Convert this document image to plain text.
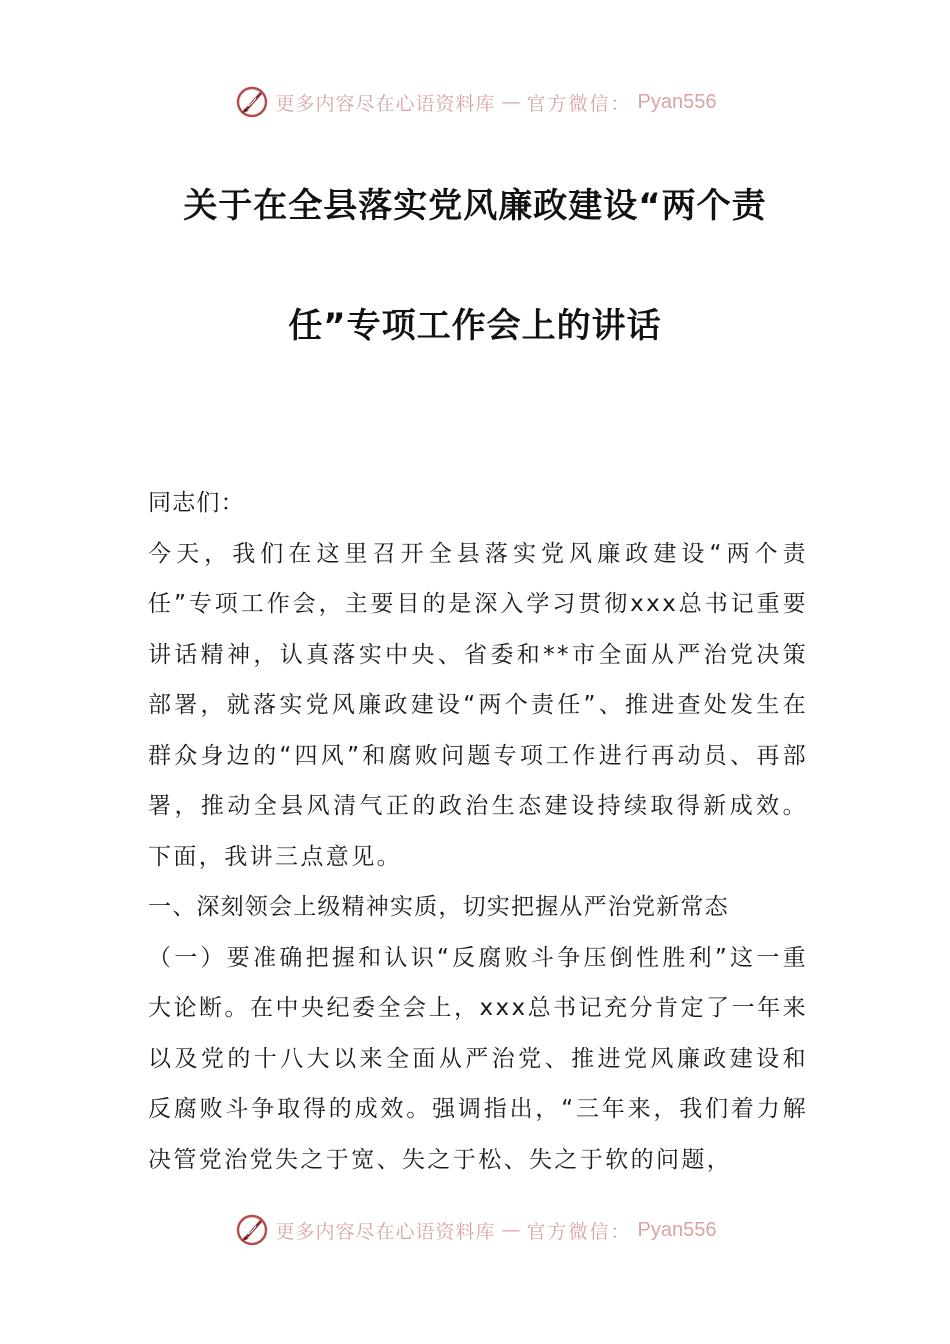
更多内容尽在心语资料库 — 官方微信： Pyan556
关于在全县落实党风廉政建设“两个责
任”专项工作会上的讲话

同志们：

今天，我们在这里召开全县落实党风廉政建设“两个责任”专项工作会，主要目的是深入学习贯彻xxx总书记重要讲话精神，认真落实中央、省委和**市全面从严治党决策部署，就落实党风廉政建设“两个责任”、推进查处发生在群众身边的“四风”和腐败问题专项工作进行再动员、再部署，推动全县风清气正的政治生态建设持续取得新成效。下面，我讲三点意见。

一、深刻领会上级精神实质，切实把握从严治党新常态

（一）要准确把握和认识“反腐败斗争压倒性胜利”这一重大论断。在中央纪委全会上，xxx总书记充分肯定了一年来以及党的十八大以来全面从严治党、推进党风廉政建设和反腐败斗争取得的成效。强调指出，“三年来，我们着力解决管党治党失之于宽、失之于松、失之于软的问题，

更多内容尽在心语资料库 — 官方微信： Pyan556
